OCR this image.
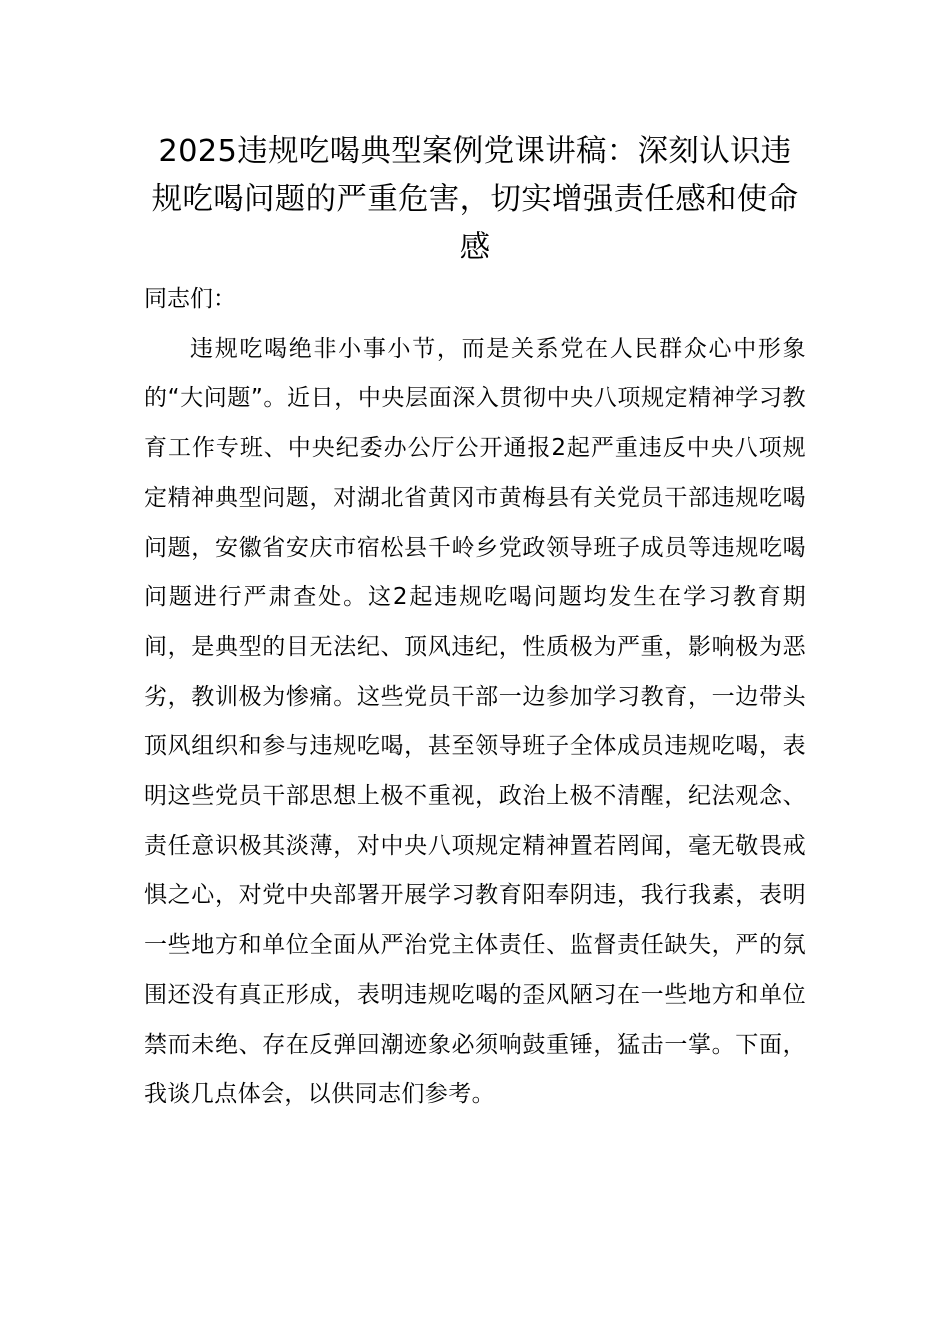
2025违规吃喝典型案例党课讲稿：深刻认识违规吃喝问题的严重危害，切实增强责任感和使命感

同志们：

违规吃喝绝非小事小节，而是关系党在人民群众心中形象的“大问题”。近日，中央层面深入贯彻中央八项规定精神学习教育工作专班、中央纪委办公厅公开通报2起严重违反中央八项规定精神典型问题，对湖北省黄冈市黄梅县有关党员干部违规吃喝问题，安徽省安庆市宿松县千岭乡党政领导班子成员等违规吃喝问题进行严肃查处。这2起违规吃喝问题均发生在学习教育期间，是典型的目无法纪、顶风违纪，性质极为严重，影响极为恶劣，教训极为惨痛。这些党员干部一边参加学习教育，一边带头顶风组织和参与违规吃喝，甚至领导班子全体成员违规吃喝，表明这些党员干部思想上极不重视，政治上极不清醒，纪法观念、责任意识极其淡薄，对中央八项规定精神置若罔闻，毫无敬畏戒惧之心，对党中央部署开展学习教育阳奉阴违，我行我素，表明一些地方和单位全面从严治党主体责任、监督责任缺失，严的氛围还没有真正形成，表明违规吃喝的歪风陋习在一些地方和单位禁而未绝、存在反弹回潮迹象必须响鼓重锤，猛击一掌。下面，我谈几点体会，以供同志们参考。
